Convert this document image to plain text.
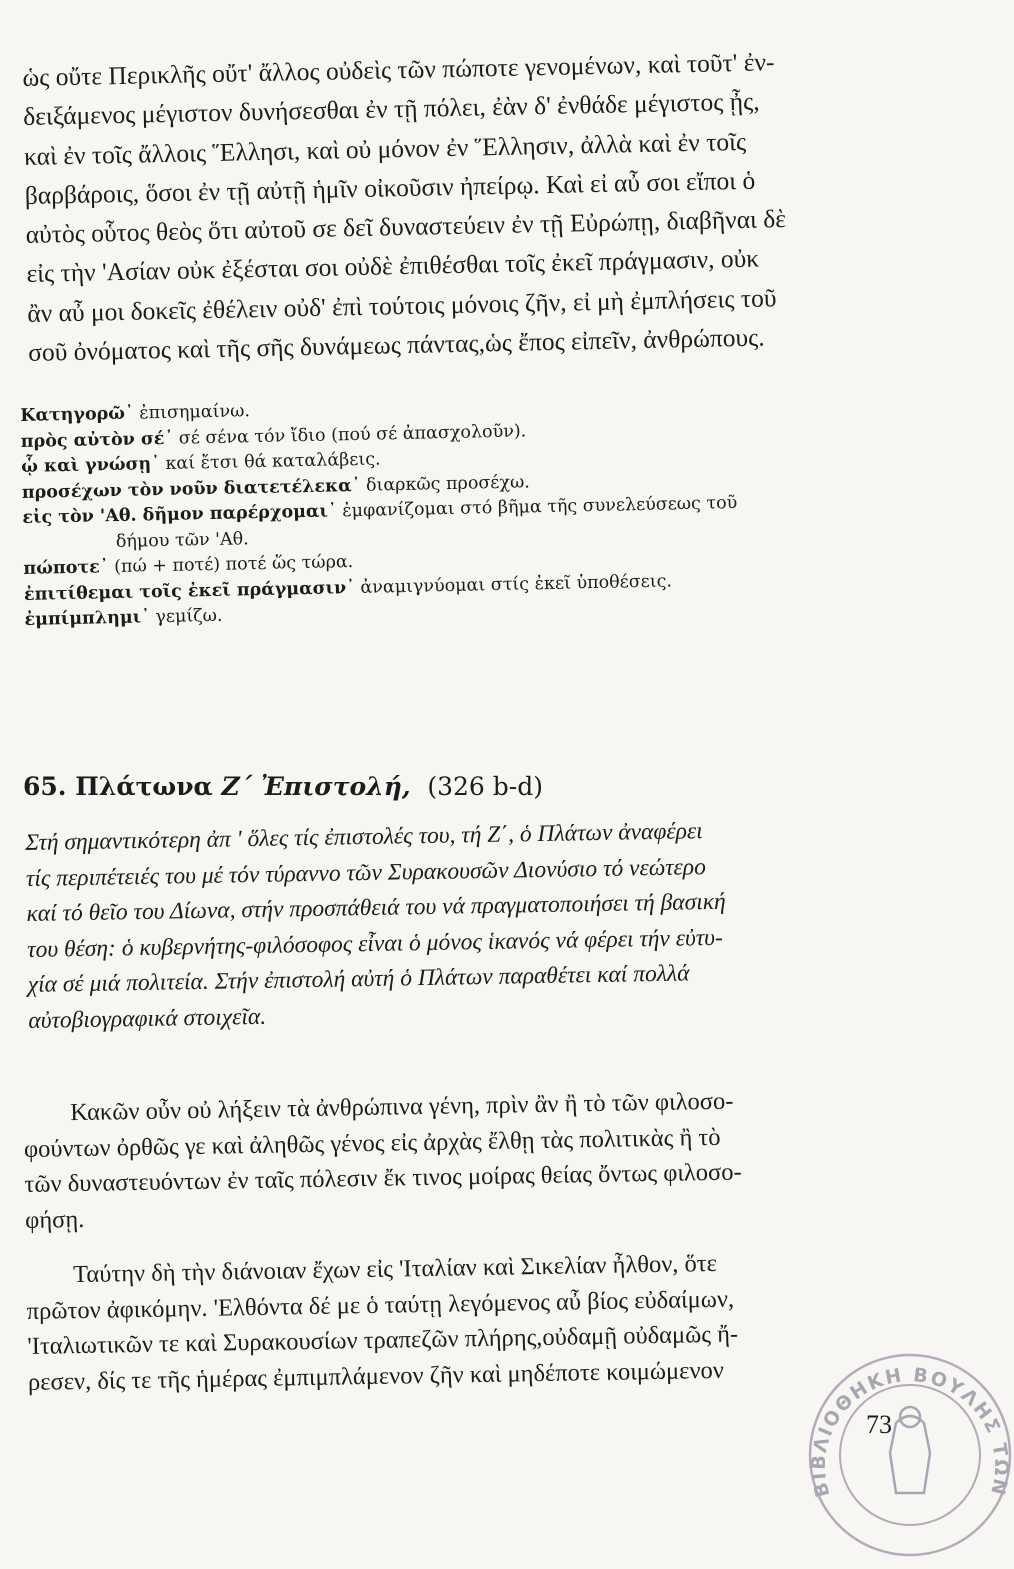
ὡς οὔτε Περικλῆς οὔτ' ἄλλος οὐδεὶς τῶν πώποτε γενομένων, καὶ τοῦτ' ἐν-
δειξάμενος μέγιστον δυνήσεσθαι ἐν τῇ πόλει, ἐὰν δ' ἐνθάδε μέγιστος ᾖς,
καὶ ἐν τοῖς ἄλλοις Ἕλλησι, καὶ οὐ μόνον ἐν Ἕλλησιν, ἀλλὰ καὶ ἐν τοῖς
βαρβάροις, ὅσοι ἐν τῇ αὐτῇ ἡμῖν οἰκοῦσιν ἠπείρῳ. Καὶ εἰ αὖ σοι εἴποι ὁ
αὐτὸς οὗτος θεὸς ὅτι αὐτοῦ σε δεῖ δυναστεύειν ἐν τῇ Εὐρώπῃ, διαβῆναι δὲ
εἰς τὴν 'Ασίαν οὐκ ἐξέσται σοι οὐδὲ ἐπιθέσθαι τοῖς ἐκεῖ πράγμασιν, οὐκ
ἂν αὖ μοι δοκεῖς ἐθέλειν οὐδ' ἐπὶ τούτοις μόνοις ζῆν, εἰ μὴ ἐμπλήσεις τοῦ
σοῦ ὀνόματος καὶ τῆς σῆς δυνάμεως πάντας,ὡς ἔπος εἰπεῖν, ἀνθρώπους.
Κατηγορῶ᾿ ἐπισημαίνω.
πρὸς αὐτὸν σέ᾿ σέ σένα τόν ἴδιο (πού σέ ἀπασχολοῦν).
ᾧ καὶ γνώσῃ᾿ καί ἔτσι θά καταλάβεις.
προσέχων τὸν νοῦν διατετέλεκα᾿ διαρκῶς προσέχω.
εἰς τὸν 'Αθ. δῆμον παρέρχομαι᾿ ἐμφανίζομαι στό βῆμα τῆς συνελεύσεως τοῦ
δήμου τῶν 'Αθ.
πώποτε᾿ (πώ + ποτέ) ποτέ ὥς τώρα.
ἐπιτίθεμαι τοῖς ἐκεῖ πράγμασιν᾿ ἀναμιγνύομαι στίς ἐκεῖ ὑποθέσεις.
ἐμπίμπλημι᾿ γεμίζω.
65. Πλάτωνα Ζ΄ Ἐπιστολή, (326 b-d)
Στή σημαντικότερη ἀπ ' ὅλες τίς ἐπιστολές του, τή Ζ΄, ὁ Πλάτων ἀναφέρει
τίς περιπέτειές του μέ τόν τύραννο τῶν Συρακουσῶν Διονύσιο τό νεώτερο
καί τό θεῖο του Δίωνα, στήν προσπάθειά του νά πραγματοποιήσει τή βασική
του θέση: ὁ κυβερνήτης-φιλόσοφος εἶναι ὁ μόνος ἱκανός νά φέρει τήν εὐτυ-
χία σέ μιά πολιτεία. Στήν ἐπιστολή αὐτή ὁ Πλάτων παραθέτει καί πολλά
αὐτοβιογραφικά στοιχεῖα.
Κακῶν οὖν οὐ λήξειν τὰ ἀνθρώπινα γένη, πρὶν ἂν ἢ τὸ τῶν φιλοσο-
φούντων ὀρθῶς γε καὶ ἀληθῶς γένος εἰς ἀρχὰς ἔλθῃ τὰς πολιτικὰς ἢ τὸ
τῶν δυναστευόντων ἐν ταῖς πόλεσιν ἔκ τινος μοίρας θείας ὄντως φιλοσο-
φήσῃ.
Ταύτην δὴ τὴν διάνοιαν ἔχων εἰς 'Ιταλίαν καὶ Σικελίαν ἦλθον, ὅτε
πρῶτον ἀφικόμην. 'Ελθόντα δέ με ὁ ταύτῃ λεγόμενος αὖ βίος εὐδαίμων,
'Ιταλιωτικῶν τε καὶ Συρακουσίων τραπεζῶν πλήρης,οὐδαμῇ οὐδαμῶς ἤ-
ρεσεν, δίς τε τῆς ἡμέρας ἐμπιμπλάμενον ζῆν καὶ μηδέποτε κοιμώμενον
ΒΙΒΛΙΟΘΗΚΗ ΒΟΥΛΗΣ ΤΩΝ
73
